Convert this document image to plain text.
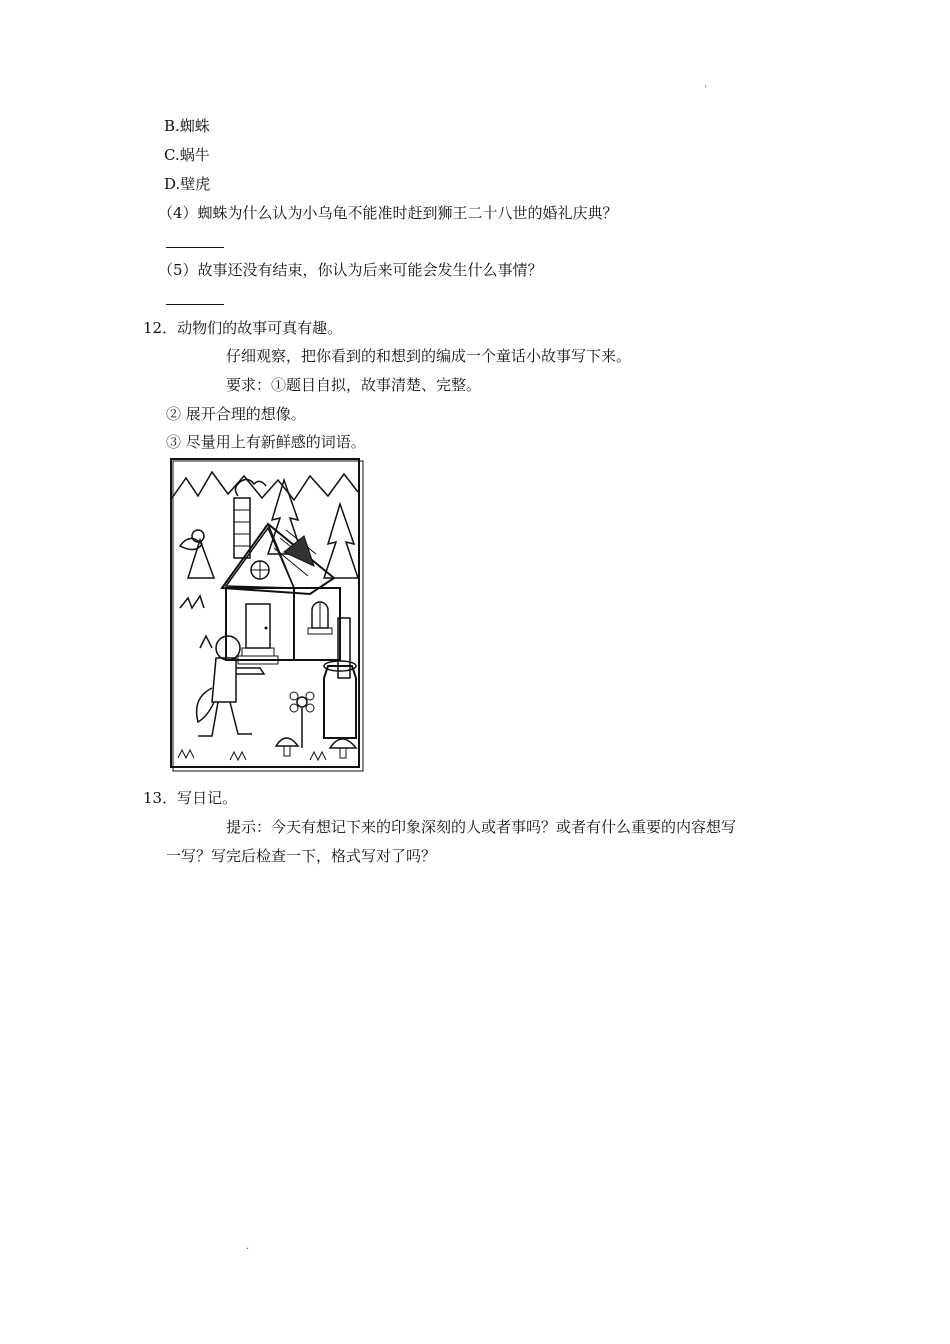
·
B.蜘蛛
C.蜗牛
D.壁虎
（4）蜘蛛为什么认为小乌龟不能准时赶到狮王二十八世的婚礼庆典？
（5）故事还没有结束，你认为后来可能会发生什么事情？
12．动物们的故事可真有趣。
仔细观察，把你看到的和想到的编成一个童话小故事写下来。
要求：①题目自拟，故事清楚、完整。
② 展开合理的想像。
③ 尽量用上有新鲜感的词语。
13．写日记。
提示：今天有想记下来的印象深刻的人或者事吗？或者有什么重要的内容想写
一写？写完后检查一下，格式写对了吗？
·
